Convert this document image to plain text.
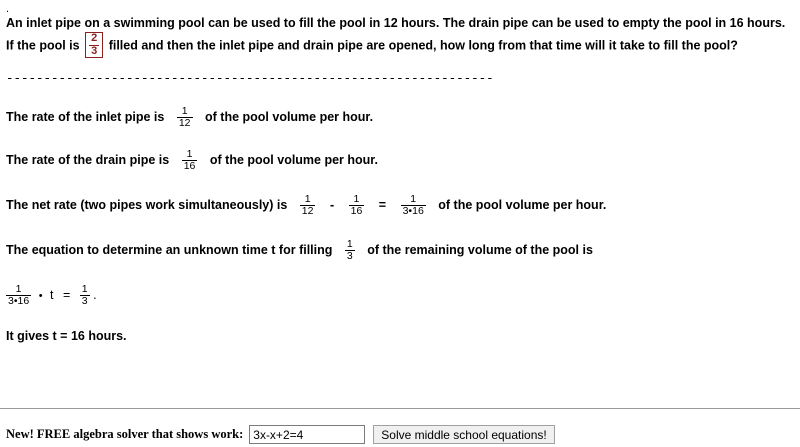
.
An inlet pipe on a swimming pool can be used to fill the pool in 12 hours. The drain pipe can be used to empty the pool in 16 hours. If the pool is $\frac{2}{3}$ filled and then the inlet pipe and drain pipe are opened, how long from that time will it take to fill the pool?
-----------------------------------------------------------------
The rate of the inlet pipe is $\frac{1}{12}$ of the pool volume per hour.
The rate of the drain pipe is $\frac{1}{16}$ of the pool volume per hour.
The net rate (two pipes work simultaneously) is $\frac{1}{12} - \frac{1}{16} = \frac{1}{3•16}$ of the pool volume per hour.
The equation to determine an unknown time t for filling $\frac{1}{3}$ of the remaining volume of the pool is
$\frac{1}{3•16}$ • $t = \frac{1}{3}$ .
It gives t = 16 hours.
New! FREE algebra solver that shows work:
3x-x+2=4	Solve middle school equations!
